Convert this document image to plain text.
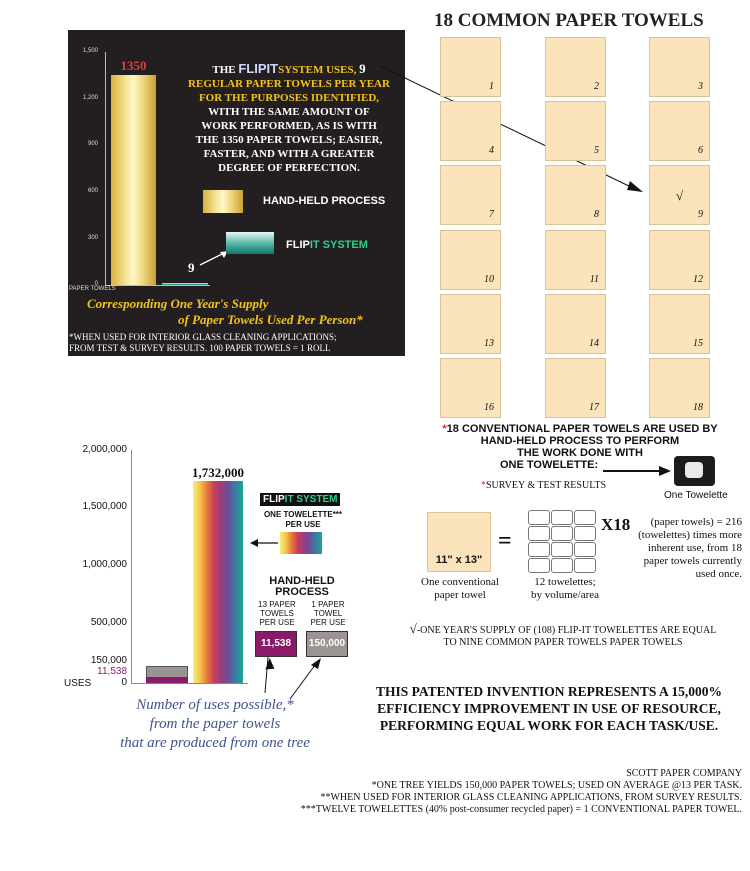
1,500
1,200
900
600
300
0
PAPER TOWELS
1350
9
THE FLIPITSYSTEM USES, 9
REGULAR PAPER TOWELS PER YEAR
FOR THE PURPOSES IDENTIFIED,
WITH THE SAME AMOUNT OF
WORK PERFORMED, AS IS WITH
THE 1350 PAPER TOWELS; EASIER,
FASTER, AND WITH A GREATER
DEGREE OF PERFECTION.
HAND-HELD PROCESS
FLIPIT SYSTEM
Corresponding One Year's Supply
of Paper Towels Used Per Person*
*WHEN USED FOR INTERIOR GLASS CLEANING APPLICATIONS;
FROM TEST & SURVEY RESULTS. 100 PAPER TOWELS = 1 ROLL
18 COMMON PAPER TOWELS
1	2	3
4	5	6
7	8	9
√
10	11	12
13	14	15
16	17	18
*18 CONVENTIONAL PAPER TOWELS ARE USED BY
HAND-HELD PROCESS TO PERFORM
THE WORK DONE WITH
ONE TOWELETTE:
*SURVEY & TEST RESULTS
One Towelette
2,000,000
1,500,000
1,000,000
500,000
150,000
11,538
0
USES
1,732,000
FLIPIT SYSTEM
ONE TOWELETTE***
PER USE
HAND-HELD
PROCESS
13 PAPER
TOWELS
PER USE
1 PAPER
TOWEL
PER USE
11,538	150,000
Number of uses possible,*
from the paper towels
that are produced from one tree
11" x 13"
=
One conventional
paper towel
12 towelettes;
by volume/area
X18	(paper towels) = 216
(towelettes) times more
inherent use, from 18
paper towels currently
used once.
√-ONE YEAR'S SUPPLY OF (108) FLIP-IT TOWELETTES ARE EQUAL
TO NINE COMMON PAPER TOWELS PAPER TOWELS
THIS PATENTED INVENTION REPRESENTS A 15,000%
EFFICIENCY IMPROVEMENT IN USE OF RESOURCE,
PERFORMING EQUAL WORK FOR EACH TASK/USE.
SCOTT PAPER COMPANY
*ONE TREE YIELDS 150,000 PAPER TOWELS; USED ON AVERAGE @13 PER TASK.
**WHEN USED FOR INTERIOR GLASS CLEANING APPLICATIONS, FROM SURVEY RESULTS.
***TWELVE TOWELETTES (40% post-consumer recycled paper) = 1 CONVENTIONAL PAPER TOWEL.
